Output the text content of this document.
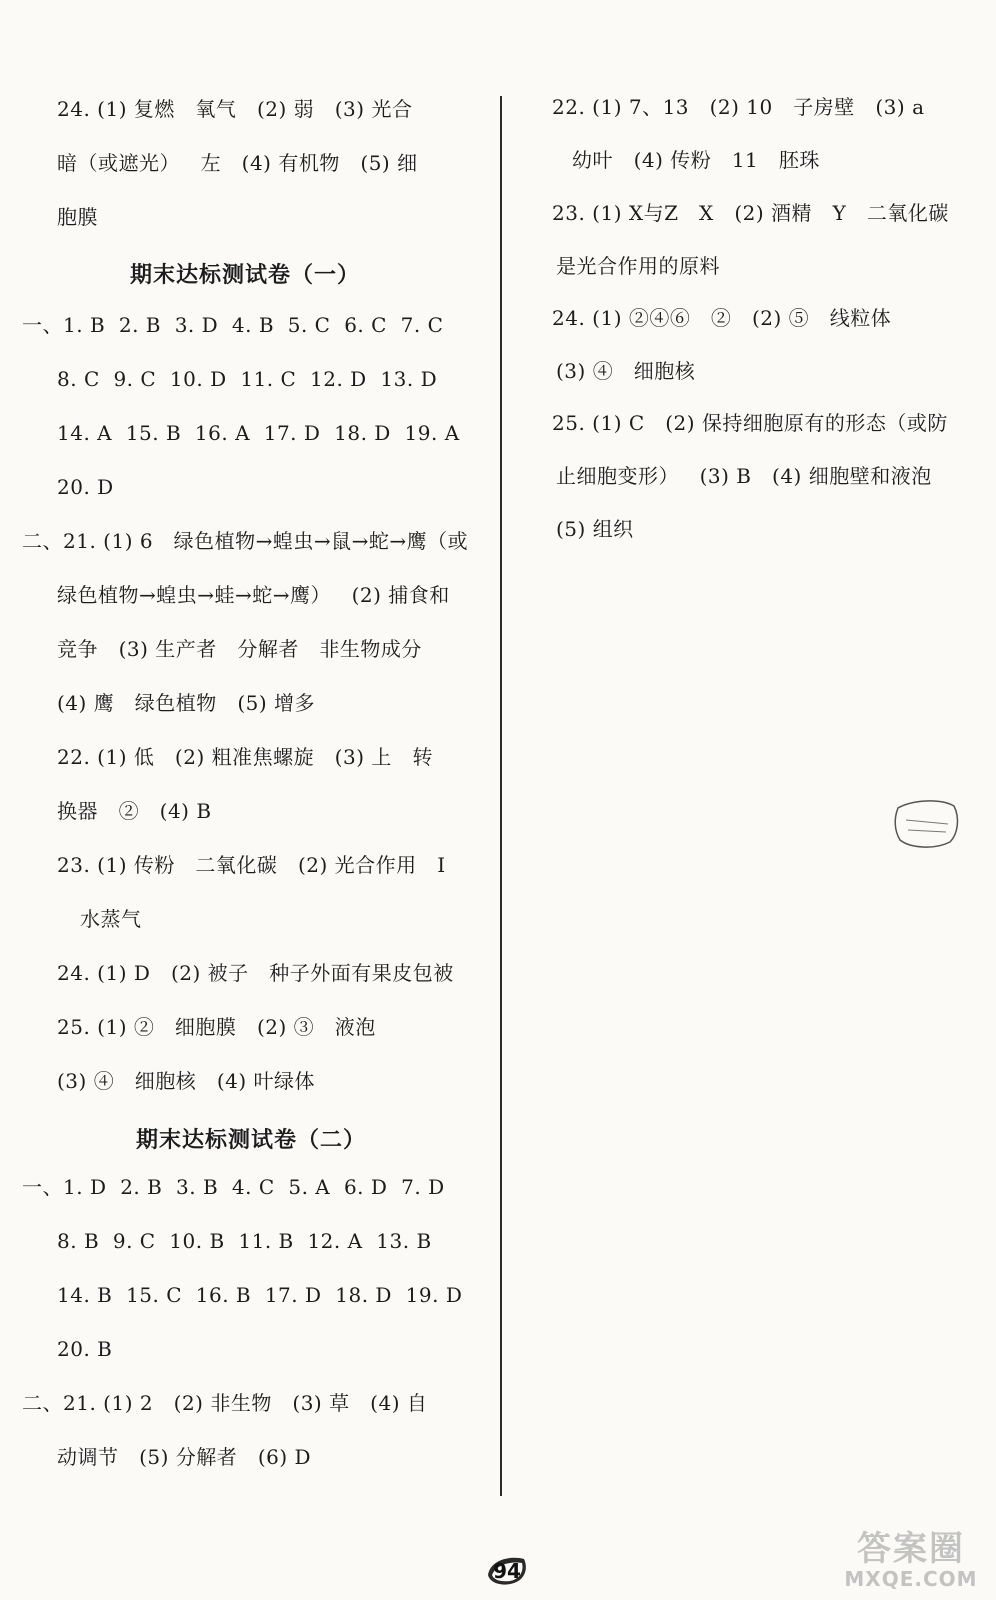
24. (1) 复燃   氧气   (2) 弱   (3) 光合
暗（或遮光）   左   (4) 有机物   (5) 细
胞膜
期末达标测试卷（一）
一、1. B  2. B  3. D  4. B  5. C  6. C  7. C
8. C  9. C  10. D  11. C  12. D  13. D
14. A  15. B  16. A  17. D  18. D  19. A
20. D
二、21. (1) 6   绿色植物→蝗虫→鼠→蛇→鹰（或
绿色植物→蝗虫→蛙→蛇→鹰）   (2) 捕食和
竞争   (3) 生产者   分解者   非生物成分
(4) 鹰   绿色植物   (5) 增多
22. (1) 低   (2) 粗准焦螺旋   (3) 上   转
换器   ②   (4) B
23. (1) 传粉   二氧化碳   (2) 光合作用   Ⅰ
水蒸气
24. (1) D   (2) 被子   种子外面有果皮包被
25. (1) ②   细胞膜   (2) ③   液泡
(3) ④   细胞核   (4) 叶绿体
期末达标测试卷（二）
一、1. D  2. B  3. B  4. C  5. A  6. D  7. D
8. B  9. C  10. B  11. B  12. A  13. B
14. B  15. C  16. B  17. D  18. D  19. D
20. B
二、21. (1) 2   (2) 非生物   (3) 草   (4) 自
动调节   (5) 分解者   (6) D
22. (1) 7、13   (2) 10   子房壁   (3) a
幼叶   (4) 传粉   11   胚珠
23. (1) X与Z   X   (2) 酒精   Y   二氧化碳
是光合作用的原料
24. (1) ②④⑥   ②   (2) ⑤   线粒体
(3) ④   细胞核
25. (1) C   (2) 保持细胞原有的形态（或防
止细胞变形）   (3) B   (4) 细胞壁和液泡
(5) 组织
94
答案圈
MXQE.COM
